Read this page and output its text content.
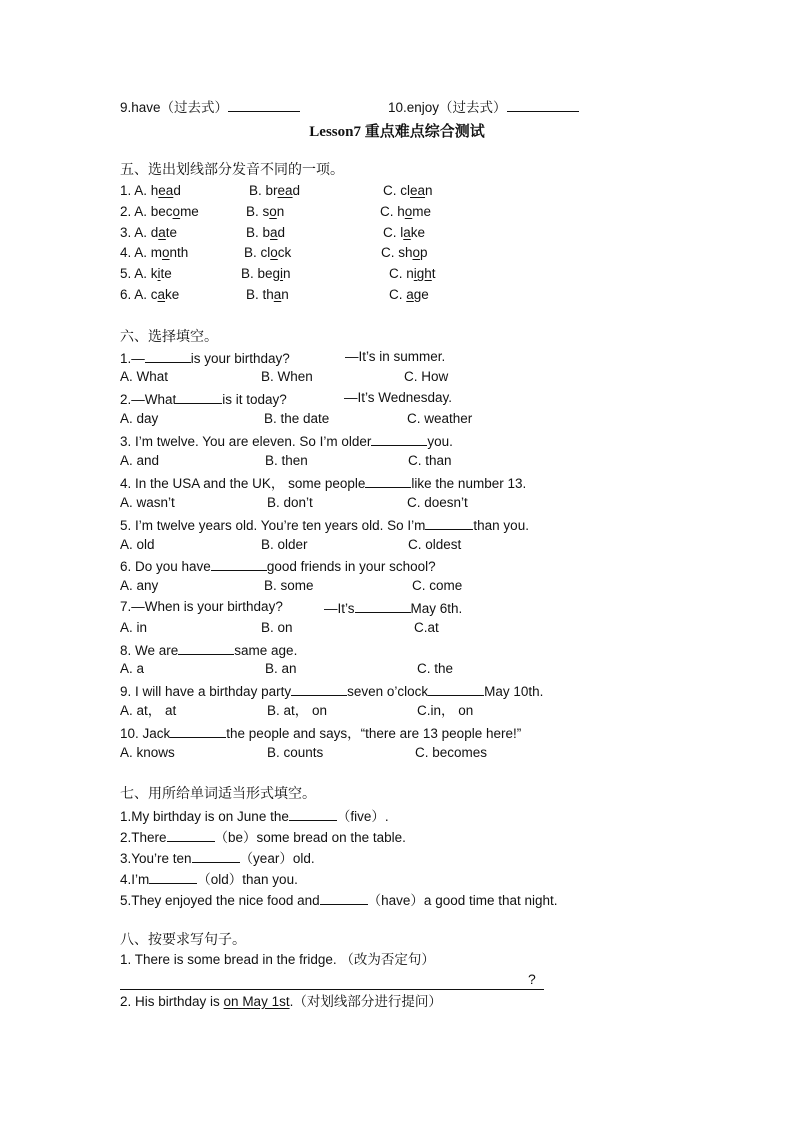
9.have（过去式）	10.enjoy（过去式）
Lesson7 重点难点综合测试
五、选出划线部分发音不同的一项。
1. A. head	B. bread	C. clean
2. A. become	B. son	C. home
3. A. date	B. bad	C. lake
4. A. month	B. clock	C. shop
5. A. kite	B. begin	C. night
6. A. cake	B. than	C. age
六、选择填空。
1.—	is your birthday?	—It’s in summer.
A. What	B. When	C. How
2.—What	is it today?	—It’s Wednesday.
A. day	B. the date	C. weather
3. I’m twelve. You are eleven. So I’m older	you.
A. and	B. then	C. than
4. In the USA and the UK， some people	like the number 13.
A. wasn’t	B. don’t	C. doesn’t
5. I’m twelve years old. You’re ten years old. So I’m	than you.
A. old	B. older	C. oldest
6. Do you have	good friends in your school?
A. any	B. some	C. come
7.—When is your birthday?	—It’s	May 6th.
A. in	B. on	C.at
8. We are	same age.
A. a	B. an	C. the
9. I will have a birthday party	seven o’clock	May 10th.
A. at， at	B. at， on	C.in， on
10. Jack	the people and says，“there are 13 people here!”
A. knows	B. counts	C. becomes
七、用所给单词适当形式填空。
1.My birthday is on June the	（five）.
2.There	（be）some bread on the table.
3.You’re ten	（year）old.
4.I’m	（old）than you.
5.They enjoyed the nice food and	（have）a good time that night.
八、按要求写句子。
1. There is some bread in the fridge. （改为否定句）
?
2. His birthday is on May 1st.（对划线部分进行提问）
